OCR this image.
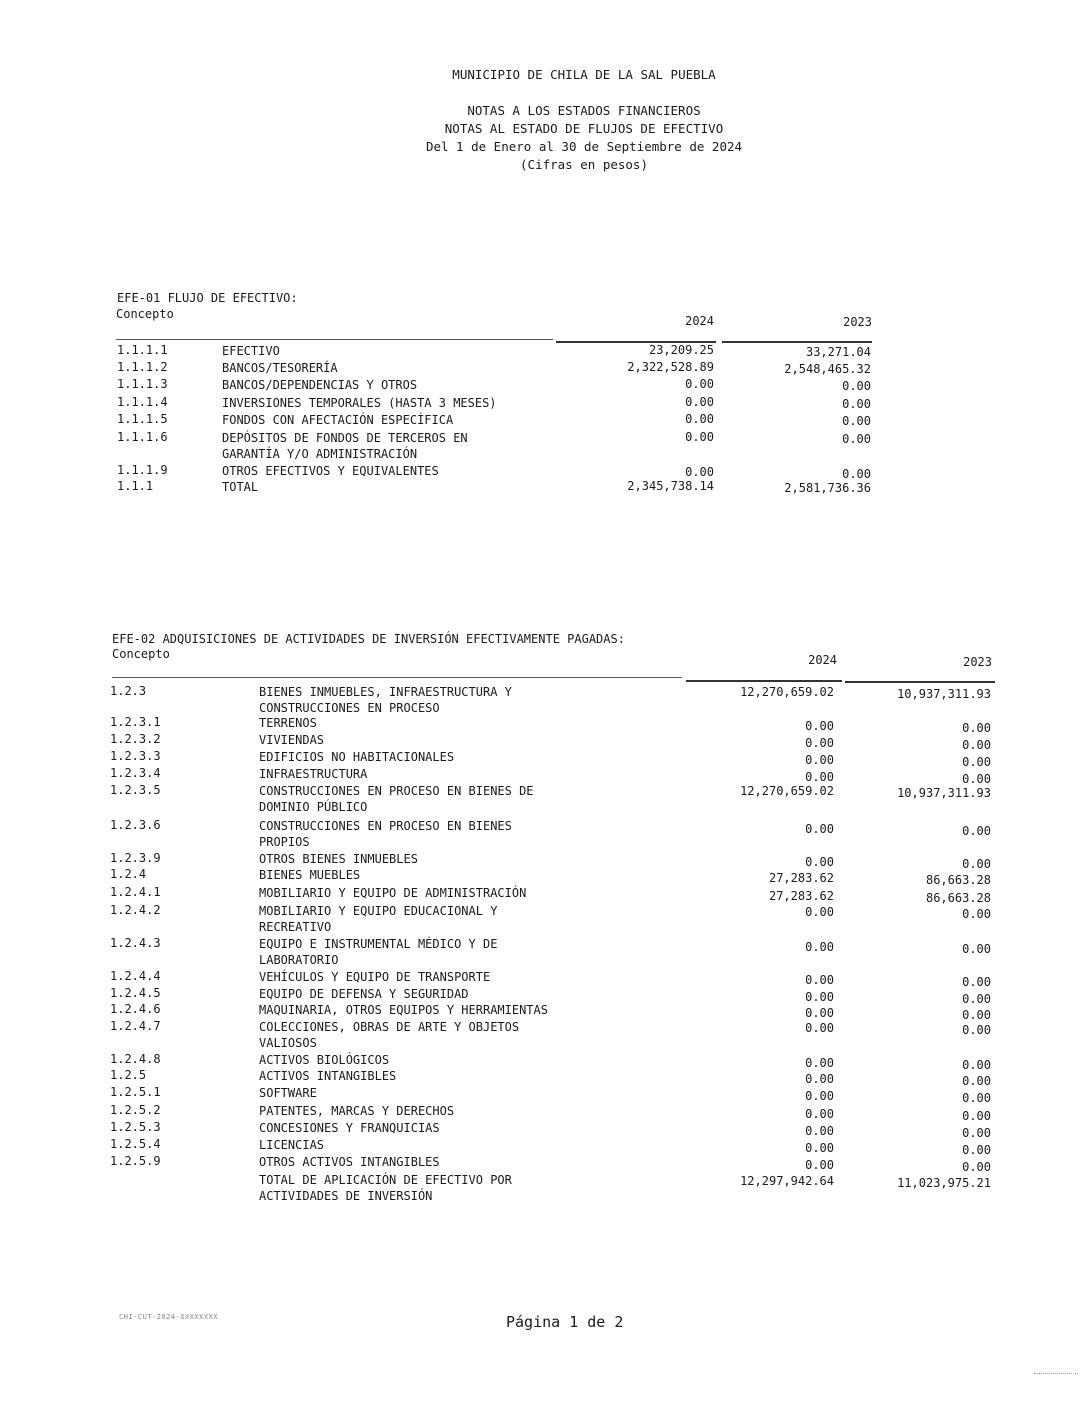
MUNICIPIO DE CHILA DE LA SAL PUEBLA
NOTAS A LOS ESTADOS FINANCIEROS
NOTAS AL ESTADO DE FLUJOS DE EFECTIVO
Del 1 de Enero al 30 de Septiembre de 2024
(Cifras en pesos)
EFE-01 FLUJO DE EFECTIVO:
Concepto	2024	2023
1.1.1.1	EFECTIVO	23,209.25	33,271.04
1.1.1.2	BANCOS/TESORERÍA	2,322,528.89	2,548,465.32
1.1.1.3	BANCOS/DEPENDENCIAS Y OTROS	0.00	0.00
1.1.1.4	INVERSIONES TEMPORALES (HASTA 3 MESES)	0.00	0.00
1.1.1.5	FONDOS CON AFECTACIÓN ESPECÍFICA	0.00	0.00
1.1.1.6	DEPÓSITOS DE FONDOS DE TERCEROS EN
GARANTÍA Y/O ADMINISTRACIÓN
0.00	0.00
1.1.1.9	OTROS EFECTIVOS Y EQUIVALENTES	0.00	0.00
1.1.1	TOTAL	2,345,738.14	2,581,736.36
EFE-02 ADQUISICIONES DE ACTIVIDADES DE INVERSIÓN EFECTIVAMENTE PAGADAS:
Concepto	2024	2023
1.2.3	BIENES INMUEBLES, INFRAESTRUCTURA Y
CONSTRUCCIONES EN PROCESO
12,270,659.02	10,937,311.93
1.2.3.1	TERRENOS	0.00	0.00
1.2.3.2	VIVIENDAS	0.00	0.00
1.2.3.3	EDIFICIOS NO HABITACIONALES	0.00	0.00
1.2.3.4	INFRAESTRUCTURA	0.00	0.00
1.2.3.5	CONSTRUCCIONES EN PROCESO EN BIENES DE
DOMINIO PÚBLICO
12,270,659.02	10,937,311.93
1.2.3.6	CONSTRUCCIONES EN PROCESO EN BIENES
PROPIOS
0.00	0.00
1.2.3.9	OTROS BIENES INMUEBLES	0.00	0.00
1.2.4	BIENES MUEBLES	27,283.62	86,663.28
1.2.4.1	MOBILIARIO Y EQUIPO DE ADMINISTRACIÓN	27,283.62	86,663.28
1.2.4.2	MOBILIARIO Y EQUIPO EDUCACIONAL Y
RECREATIVO
0.00	0.00
1.2.4.3	EQUIPO E INSTRUMENTAL MÉDICO Y DE
LABORATORIO
0.00	0.00
1.2.4.4	VEHÍCULOS Y EQUIPO DE TRANSPORTE	0.00	0.00
1.2.4.5	EQUIPO DE DEFENSA Y SEGURIDAD	0.00	0.00
1.2.4.6	MAQUINARIA, OTROS EQUIPOS Y HERRAMIENTAS	0.00	0.00
1.2.4.7	COLECCIONES, OBRAS DE ARTE Y OBJETOS
VALIOSOS
0.00	0.00
1.2.4.8	ACTIVOS BIOLÓGICOS	0.00	0.00
1.2.5	ACTIVOS INTANGIBLES	0.00	0.00
1.2.5.1	SOFTWARE	0.00	0.00
1.2.5.2	PATENTES, MARCAS Y DERECHOS	0.00	0.00
1.2.5.3	CONCESIONES Y FRANQUICIAS	0.00	0.00
1.2.5.4	LICENCIAS	0.00	0.00
1.2.5.9	OTROS ACTIVOS INTANGIBLES	0.00	0.00
TOTAL DE APLICACIÓN DE EFECTIVO POR
ACTIVIDADES DE INVERSIÓN
12,297,942.64	11,023,975.21
CHI-CUT-2024-XXXXXXXX	Página 1 de 2
